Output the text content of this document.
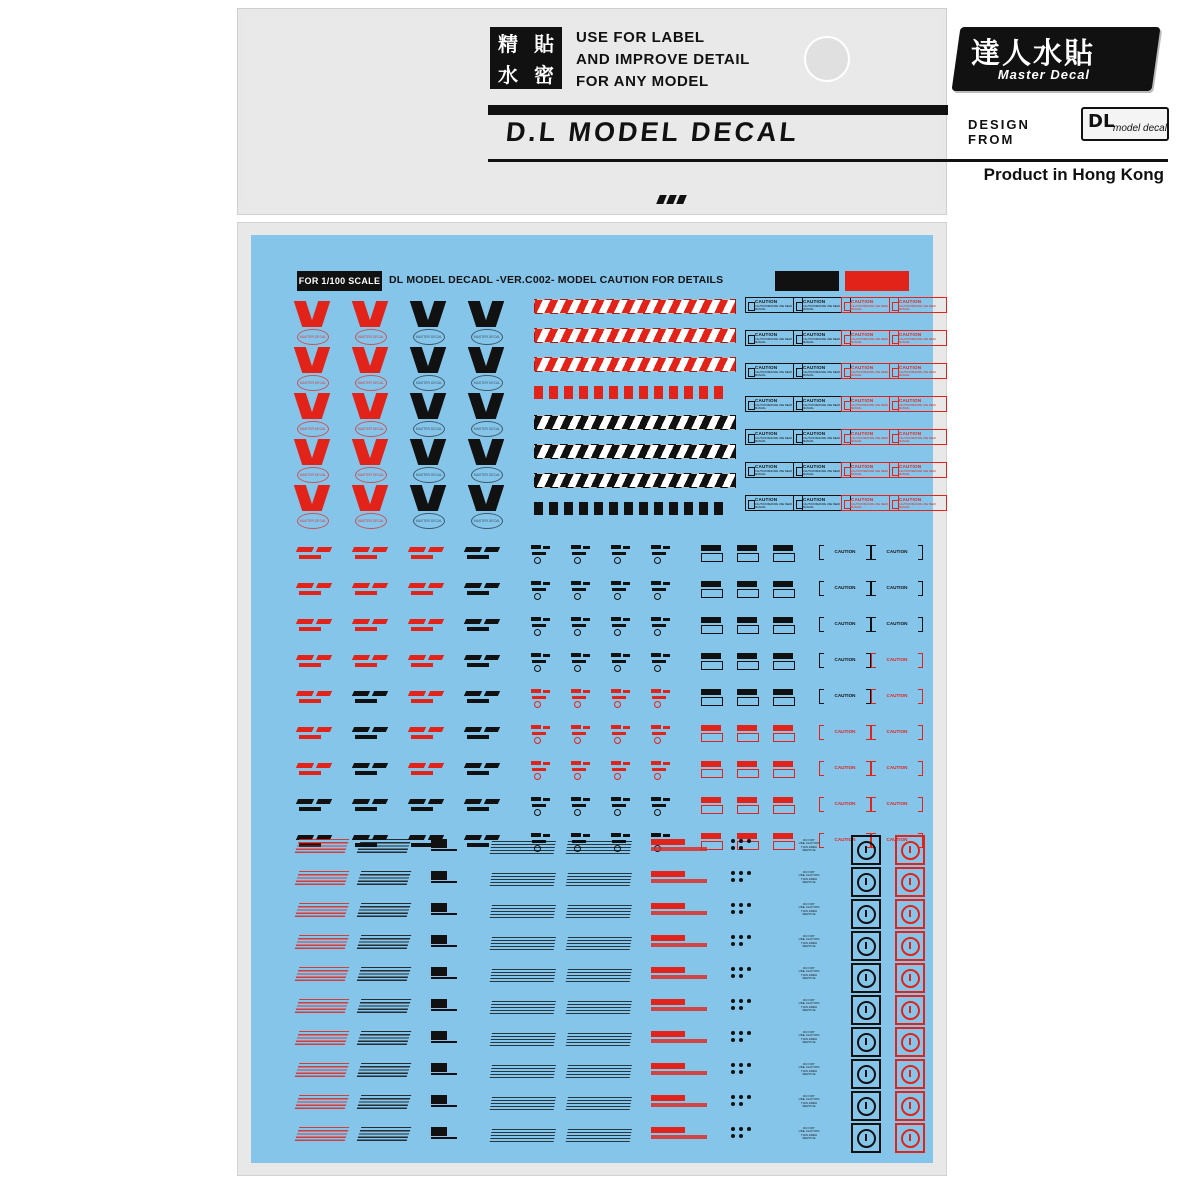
精 貼
水 密
USE FOR LABEL
AND IMPROVE DETAIL
FOR ANY MODEL
D.L MODEL DECAL
達人水貼
Master Decal
DESIGN FROM
DL
model decal
Product in Hong Kong
FOR 1/100 SCALE DL MODEL DECADL -VER.C002- MODEL CAUTION FOR DETAILS
MASTER DECAL	MASTER DECAL	MASTER DECAL	MASTER DECAL
MASTER DECAL	MASTER DECAL	MASTER DECAL	MASTER DECAL
MASTER DECAL	MASTER DECAL	MASTER DECAL	MASTER DECAL
MASTER DECAL	MASTER DECAL	MASTER DECAL	MASTER DECAL
MASTER DECAL	MASTER DECAL	MASTER DECAL	MASTER DECAL
CAUTION
CAUTION BEFORE USE READ MANUAL
CAUTION
CAUTION BEFORE USE READ MANUAL
CAUTION
CAUTION BEFORE USE READ MANUAL
CAUTION
CAUTION BEFORE USE READ MANUAL
CAUTION
CAUTION BEFORE USE READ MANUAL
CAUTION
CAUTION BEFORE USE READ MANUAL
CAUTION
CAUTION BEFORE USE READ MANUAL
CAUTION
CAUTION BEFORE USE READ MANUAL
CAUTION
CAUTION BEFORE USE READ MANUAL
CAUTION
CAUTION BEFORE USE READ MANUAL
CAUTION
CAUTION BEFORE USE READ MANUAL
CAUTION
CAUTION BEFORE USE READ MANUAL
CAUTION
CAUTION BEFORE USE READ MANUAL
CAUTION
CAUTION BEFORE USE READ MANUAL
CAUTION
CAUTION BEFORE USE READ MANUAL
CAUTION
CAUTION BEFORE USE READ MANUAL
CAUTION
CAUTION BEFORE USE READ MANUAL
CAUTION
CAUTION BEFORE USE READ MANUAL
CAUTION
CAUTION BEFORE USE READ MANUAL
CAUTION
CAUTION BEFORE USE READ MANUAL
CAUTION
CAUTION BEFORE USE READ MANUAL
CAUTION
CAUTION BEFORE USE READ MANUAL
CAUTION
CAUTION BEFORE USE READ MANUAL
CAUTION
CAUTION BEFORE USE READ MANUAL
CAUTION
CAUTION BEFORE USE READ MANUAL
CAUTION
CAUTION BEFORE USE READ MANUAL
CAUTION
CAUTION BEFORE USE READ MANUAL
CAUTION
CAUTION BEFORE USE READ MANUAL
CAUTION	CAUTION
CAUTION	CAUTION
CAUTION	CAUTION
CAUTION	CAUTION
CAUTION	CAUTION
CAUTION	CAUTION
CAUTION	CAUTION
CAUTION	CAUTION
CAUTION	CAUTION
DO NOT
USE CAUTION
THIS AREA
SERVICE
DO NOT
USE CAUTION
THIS AREA
SERVICE
DO NOT
USE CAUTION
THIS AREA
SERVICE
DO NOT
USE CAUTION
THIS AREA
SERVICE
DO NOT
USE CAUTION
THIS AREA
SERVICE
DO NOT
USE CAUTION
THIS AREA
SERVICE
DO NOT
USE CAUTION
THIS AREA
SERVICE
DO NOT
USE CAUTION
THIS AREA
SERVICE
DO NOT
USE CAUTION
THIS AREA
SERVICE
DO NOT
USE CAUTION
THIS AREA
SERVICE
